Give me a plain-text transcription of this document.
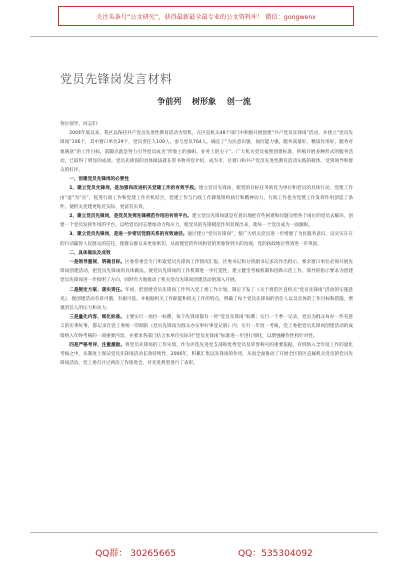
关注头条号“公文研究”，获得最新最全最专业的公文资料库！ 微信：gongwenx
党员先锋岗发言材料
争前列 树形象 创一流

各位领导、同志们：

2004年底以来，我区以保持共产党员先进性教育活动为契机，在区直机关48个部门中积极开展创建“共产党员先锋岗”活动，并建立“党员先锋岗”106个，其中窗口单位29个，党员责任人109人，参与党员764人。确定了“为民意识强、岗位能力强、服务质量好、精质作用好、服务对象满意”的工作目标，落脚点就是努力引导党员成为“形象上的旗帜、业务上的尖子”。广大机关党员按照创建标准，积极开展多种形式的服务活动，已取得了明显的成效。党员先锋岗的具体做法就在常书物刊登介绍，成为市、区窗口和共产党员先进性教育活动实践的载体，受到领导和群众的好评。

一、创建党员先锋岗的必要性

1、建立党员先锋岗，是加强和改进机关党建工作的有效手段。建立党员先锋岗，使党的目标任务转化为单位和党员的具体行动，党建工作由“虚”为“实”，促进行政工作和党建工作有机结合，党建工作与行政工作降低组织执行和精神动力，行政工作也为党建工作发挥作用创造了条件，使机关党建更贴近实际、更富有实效。

2、建立党员先锋岗，是党员发挥先锋模范作用的有效平台。建立党员先锋岗就是有意识地把有些困难和问题交给各个岗位的党员去解决，创建一个党员发挥作用的平台，以给党员同志增加动力和压力，使党员的先锋模范作用显现出来，使每一个党员成为一面旗帜。

3、建立党员先锋岗，是进一步密切党群关系的有效途径。通过建立“党员先锋岗”，使广大机关党员进一步增强了为民服务意识，以实实在在的行动赢得人民群众的信任，使群众群众来更加密切，从而使党的作风和党的形象得到大的改观，党的执政地位得到进一步巩固。

二、具体做法及成效

一是领导重视、明确目标。区委常委会专门听取党员先锋岗工作情况汇报，区委书记和分管副书记多次作出批示，要求窗口单位必须开展先锋岗创建活动，把党员先锋岗的具体做法，使党员先锋岗的工作机制进一步打造性，建立健全考核机制和创新示范工作，领导的指示要求为创建党员先锋岗进一步指明了方向，同时有力地推动了机关党员先锋岗创建活动的深入开展。

二是制定方案、落实责任。年初，把创建党员先锋岗工作列入党工委工作计划，制定下发了《关于规范区直机关“党员先锋岗”活动的实施意见》，使创建活动有章可循，有据可依。并根据机关工作职能和机关工作的特点，明确了每个党员先锋岗的责任人以及具体的工作目标和措施，增强责任人的压力和动力。

三是量化内容、细化标准。主要实行一岗位一标牌，每个先锋岗都有一块“党员先锋岗”标牌；实行一个季一记录，党员为群众每办一件有意义的实事好事，都记录在党工委统一印制的《党员先锋岗为群众办实事好事登记册》内；实行一年度一考核，党工委把党员先锋岗创建活动的成绩纳入年终考核的一项重要内容，并要求各部门结合本单位实际对“党员先锋岗”标准进一步进行细化，以增强操作性和针对性。

四是严格考评、注重激励。将党员先锋岗的工作实绩，作为评选先进党支部和优秀党员及荣誉称号的重要依据，有机纳入全年度工作的量化考核之中，从制度上保证党员先锋岗活动长效持续性，2006年，积累汇集以先锋岗的作用，从而全面推动了开展全区的区直属机关党员的党员先锋岗活动。党工委召开过两次工作推进会，对先进典型进行了表彰。

QQ群： 30265665	QQ：535304092
